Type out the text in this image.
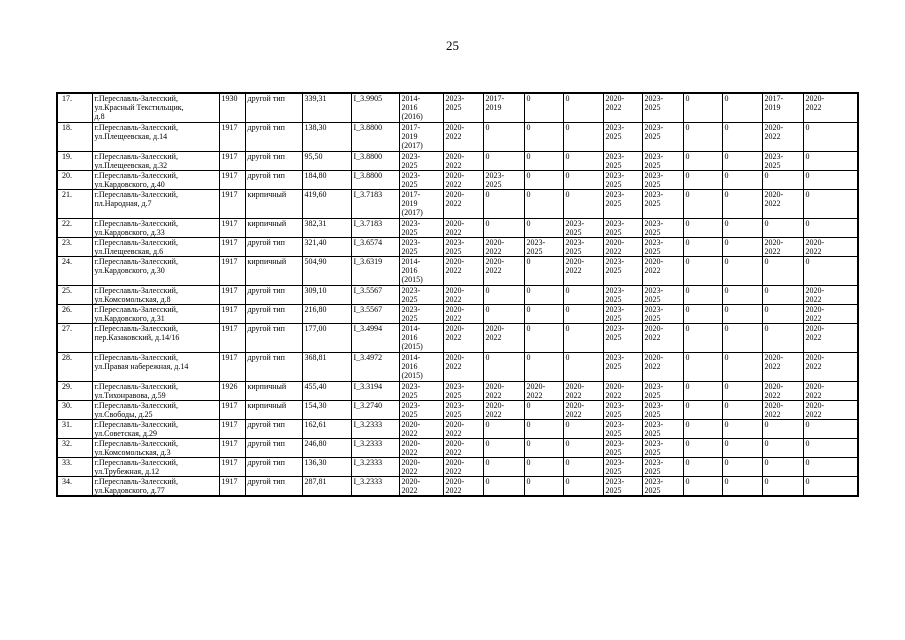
25
17.	г.Переславль-Залесский,
ул.Красный Текстильщик,
д.8	1930	другой тип	339,31	I_3.9905	2014-
2016
(2016)	2023-
2025	2017-
2019	0	0	2020-
2022	2023-
2025	0	0	2017-
2019	2020-
2022
18.	г.Переславль-Залесский,
ул.Плещеевская, д.14	1917	другой тип	138,30	I_3.8800	2017-
2019
(2017)	2020-
2022	0	0	0	2023-
2025	2023-
2025	0	0	2020-
2022	0
19.	г.Переславль-Залесский,
ул.Плещеевская, д.32	1917	другой тип	95,50	I_3.8800	2023-
2025	2020-
2022	0	0	0	2023-
2025	2023-
2025	0	0	2023-
2025	0
20.	г.Переславль-Залесский,
ул.Кардовского, д.40	1917	другой тип	184,80	I_3.8800	2023-
2025	2020-
2022	2023-
2025	0	0	2023-
2025	2023-
2025	0	0	0	0
21.	г.Переславль-Залесский,
пл.Народная, д.7	1917	кирпичный	419,60	I_3.7183	2017-
2019
(2017)	2020-
2022	0	0	0	2023-
2025	2023-
2025	0	0	2020-
2022	0
22.	г.Переславль-Залесский,
ул.Кардовского, д.33	1917	кирпичный	382,31	I_3.7183	2023-
2025	2020-
2022	0	0	2023-
2025	2023-
2025	2023-
2025	0	0	0	0
23.	г.Переславль-Залесский,
ул.Плещеевская, д.6	1917	другой тип	321,40	I_3.6574	2023-
2025	2023-
2025	2020-
2022	2023-
2025	2023-
2025	2020-
2022	2023-
2025	0	0	2020-
2022	2020-
2022
24.	г.Переславль-Залесский,
ул.Кардовского, д.30	1917	кирпичный	504,90	I_3.6319	2014-
2016
(2015)	2020-
2022	2020-
2022	0	2020-
2022	2023-
2025	2020-
2022	0	0	0	0
25.	г.Переславль-Залесский,
ул.Комсомольская, д.8	1917	другой тип	309,10	I_3.5567	2023-
2025	2020-
2022	0	0	0	2023-
2025	2023-
2025	0	0	0	2020-
2022
26.	г.Переславль-Залесский,
ул.Кардовского, д.31	1917	другой тип	216,80	I_3.5567	2023-
2025	2020-
2022	0	0	0	2023-
2025	2023-
2025	0	0	0	2020-
2022
27.	г.Переславль-Залесский,
пер.Казаковский, д.14/16	1917	другой тип	177,00	I_3.4994	2014-
2016
(2015)	2020-
2022	2020-
2022	0	0	2023-
2025	2020-
2022	0	0	0	2020-
2022
28.	г.Переславль-Залесский,
ул.Правая набережная, д.14	1917	другой тип	368,81	I_3.4972	2014-
2016
(2015)	2020-
2022	0	0	0	2023-
2025	2020-
2022	0	0	2020-
2022	2020-
2022
29.	г.Переславль-Залесский,
ул.Тихонравова, д.59	1926	кирпичный	455,40	I_3.3194	2023-
2025	2023-
2025	2020-
2022	2020-
2022	2020-
2022	2020-
2022	2023-
2025	0	0	2020-
2022	2020-
2022
30.	г.Переславль-Залесский,
ул.Свободы, д.25	1917	кирпичный	154,30	I_3.2740	2023-
2025	2023-
2025	2020-
2022	0	2020-
2022	2023-
2025	2023-
2025	0	0	2020-
2022	2020-
2022
31.	г.Переславль-Залесский,
ул.Советская, д.29	1917	другой тип	162,61	I_3.2333	2020-
2022	2020-
2022	0	0	0	2023-
2025	2023-
2025	0	0	0	0
32.	г.Переславль-Залесский,
ул.Комсомольская, д.3	1917	другой тип	246,80	I_3.2333	2020-
2022	2020-
2022	0	0	0	2023-
2025	2023-
2025	0	0	0	0
33.	г.Переславль-Залесский,
ул.Трубежная, д.12	1917	другой тип	136,30	I_3.2333	2020-
2022	2020-
2022	0	0	0	2023-
2025	2023-
2025	0	0	0	0
34.	г.Переславль-Залесский,
ул.Кардовского, д.77	1917	другой тип	287,81	I_3.2333	2020-
2022	2020-
2022	0	0	0	2023-
2025	2023-
2025	0	0	0	0
